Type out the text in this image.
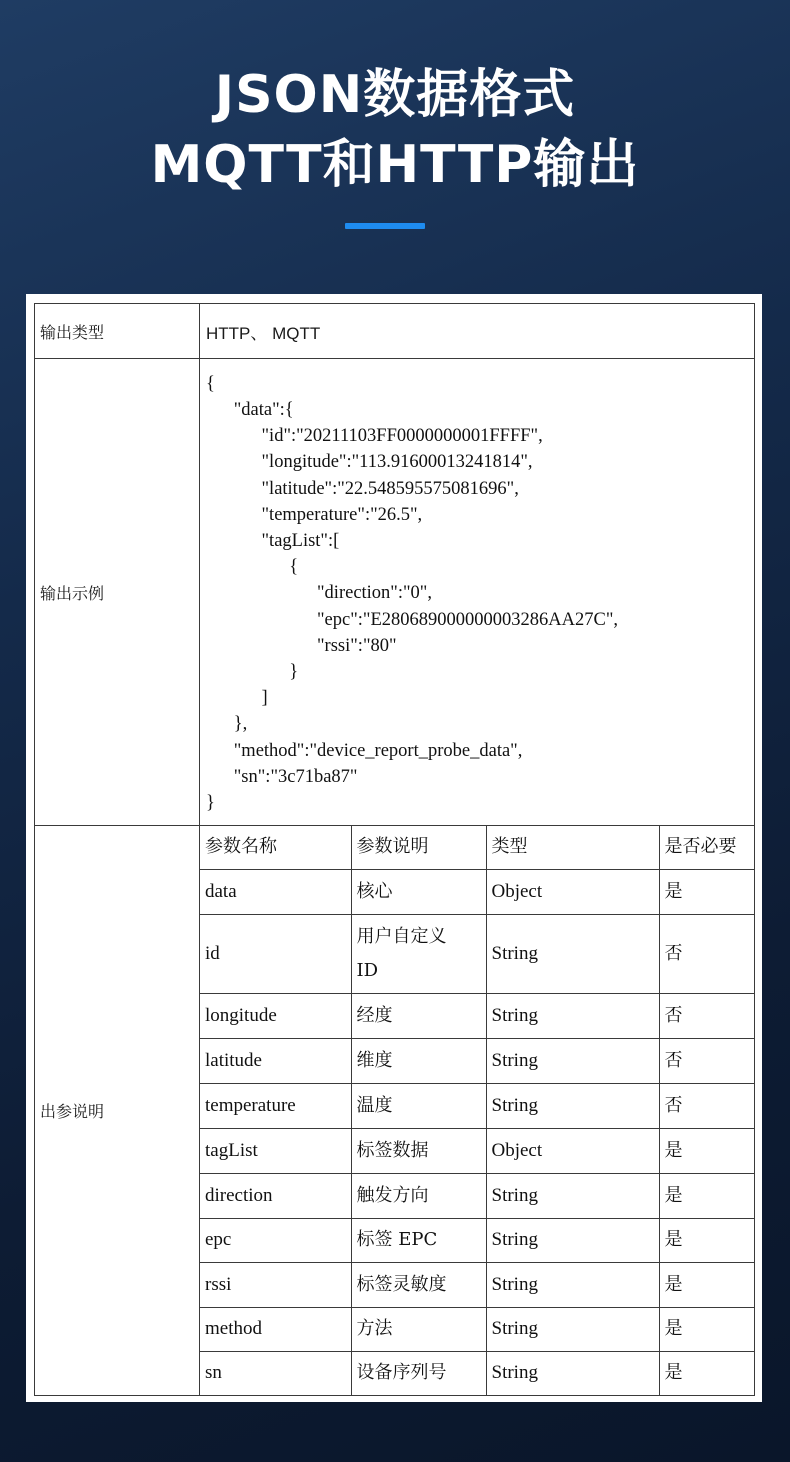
JSON数据格式
MQTT和HTTP输出
输出类型	HTTP、 MQTT
输出示例	
{
"data":{
"id":"20211103FF0000000001FFFF",
"longitude":"113.91600013241814",
"latitude":"22.548595575081696",
"temperature":"26.5",
"tagList":[
{
"direction":"0",
"epc":"E280689000000003286AA27C",
"rssi":"80"
}
]
},
"method":"device_report_probe_data",
"sn":"3c71ba87"
}

出参说明	
参数名称	参数说明	类型	是否必要
data	核心	Object	是
id	用户自定义
ID	String	否
longitude	经度	String	否
latitude	维度	String	否
temperature	温度	String	否
tagList	标签数据	Object	是
direction	触发方向	String	是
epc	标签 EPC	String	是
rssi	标签灵敏度	String	是
method	方法	String	是
sn	设备序列号	String	是
